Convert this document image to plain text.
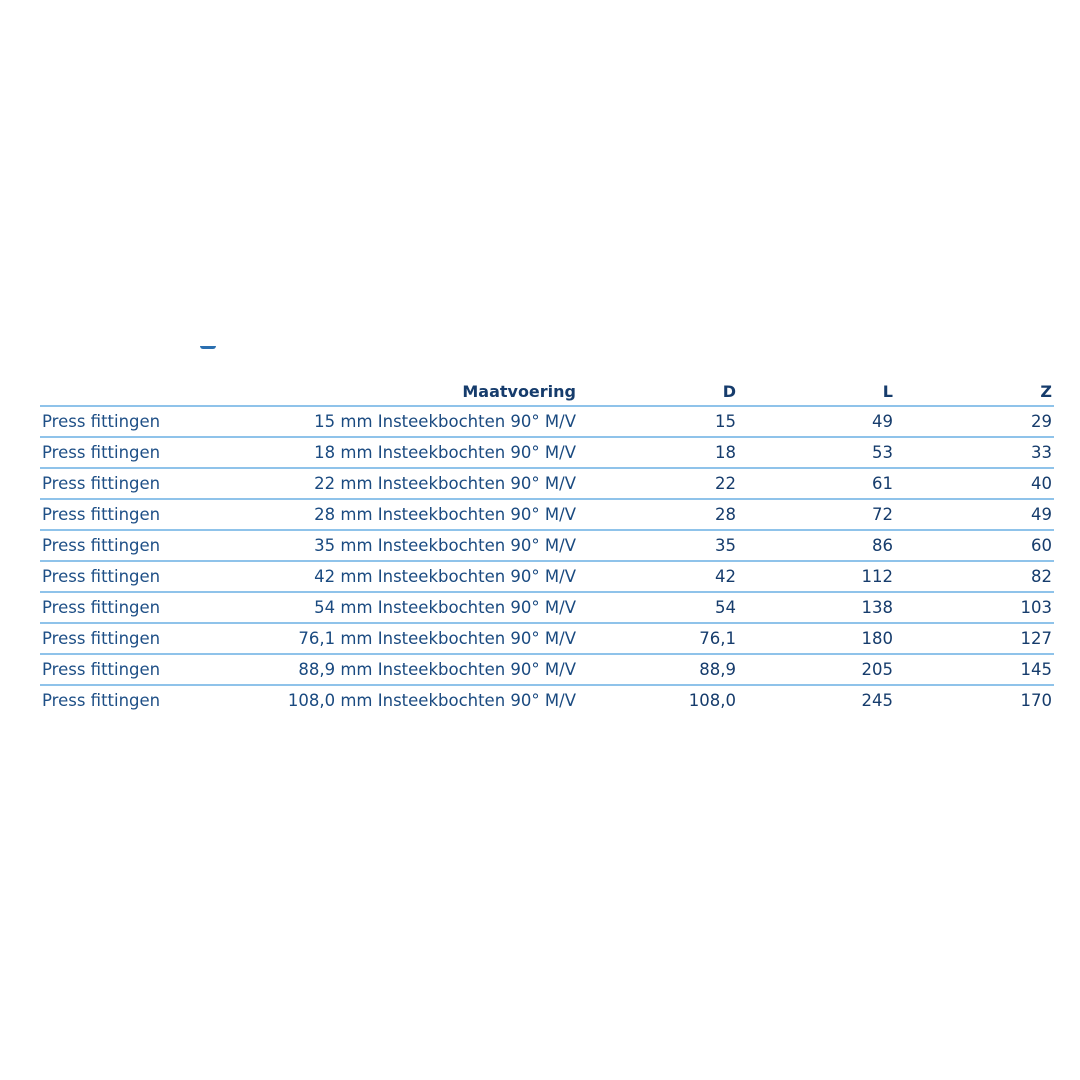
	Maatvoering	D	L	Z
Press fittingen	15 mm Insteekbochten 90° M/V	15	49	29
Press fittingen	18 mm Insteekbochten 90° M/V	18	53	33
Press fittingen	22 mm Insteekbochten 90° M/V	22	61	40
Press fittingen	28 mm Insteekbochten 90° M/V	28	72	49
Press fittingen	35 mm Insteekbochten 90° M/V	35	86	60
Press fittingen	42 mm Insteekbochten 90° M/V	42	112	82
Press fittingen	54 mm Insteekbochten 90° M/V	54	138	103
Press fittingen	76,1 mm Insteekbochten 90° M/V	76,1	180	127
Press fittingen	88,9 mm Insteekbochten 90° M/V	88,9	205	145
Press fittingen	108,0 mm Insteekbochten 90° M/V	108,0	245	170
